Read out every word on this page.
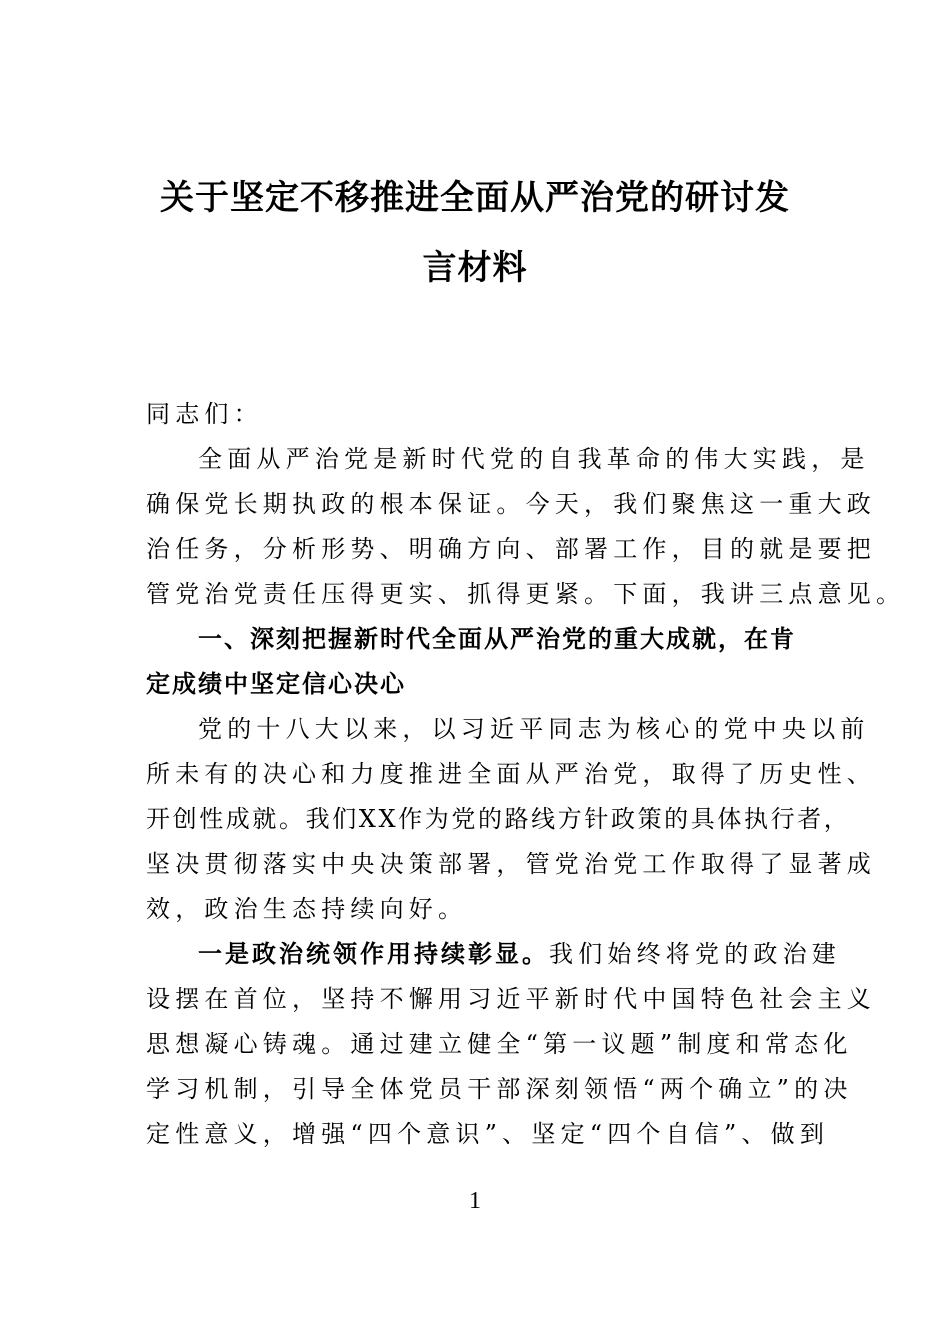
关于坚定不移推进全面从严治党的研讨发
言材料

同志们：

全面从严治党是新时代党的自我革命的伟大实践，是

确保党长期执政的根本保证。今天，我们聚焦这一重大政

治任务，分析形势、明确方向、部署工作，目的就是要把

管党治党责任压得更实、抓得更紧。下面，我讲三点意见。

一、深刻把握新时代全面从严治党的重大成就，在肯

定成绩中坚定信心决心

党的十八大以来，以习近平同志为核心的党中央以前

所未有的决心和力度推进全面从严治党，取得了历史性、

开创性成就。我们XX作为党的路线方针政策的具体执行者，

坚决贯彻落实中央决策部署，管党治党工作取得了显著成

效，政治生态持续向好。

一是政治统领作用持续彰显。我们始终将党的政治建

设摆在首位，坚持不懈用习近平新时代中国特色社会主义

思想凝心铸魂。通过建立健全“第一议题”制度和常态化

学习机制，引导全体党员干部深刻领悟“两个确立”的决

定性意义，增强“四个意识”、坚定“四个自信”、做到

1
